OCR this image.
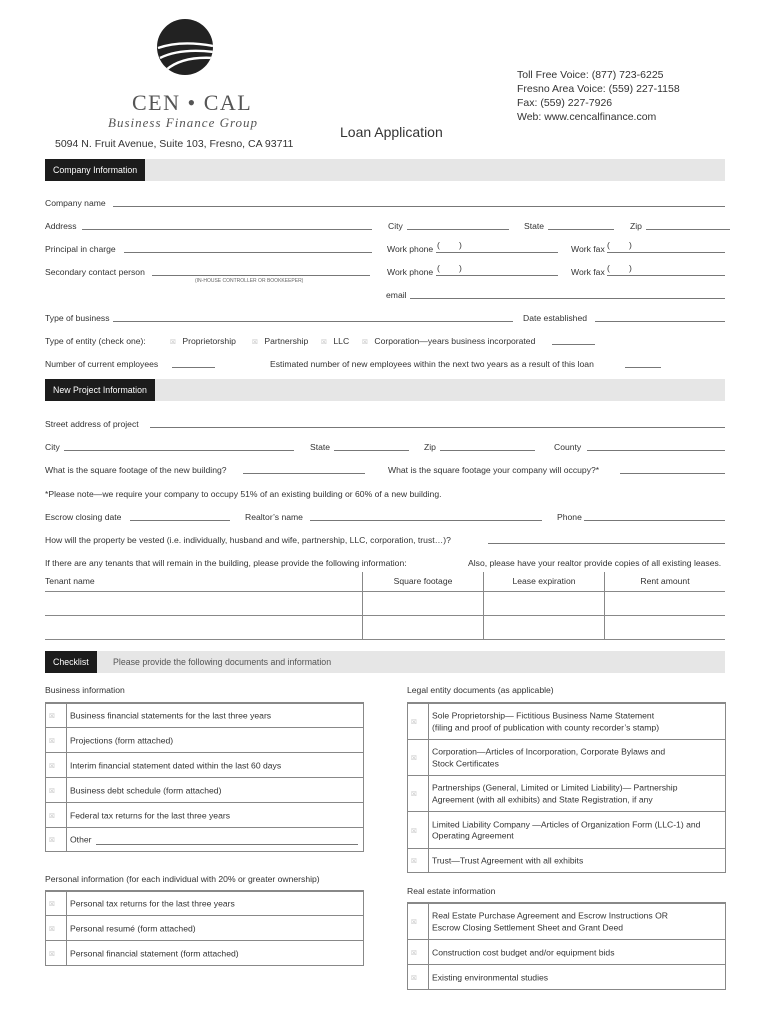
CEN • CAL
Business Finance Group
5094 N. Fruit Avenue, Suite 103, Fresno, CA 93711
Loan Application
Toll Free Voice: (877) 723-6225
Fresno Area Voice: (559) 227-1158
Fax: (559) 227-7926
Web: www.cencalfinance.com
Company Information
Company name
Address	City	State	Zip
Principal in charge	Work phone ( )	Work fax ( )
Secondary contact person
(IN-HOUSE CONTROLLER OR BOOKKEEPER)
Work phone ( )	Work fax ( )
email
Type of business	Date established
Type of entity (check one):	☒ Proprietorship ☒ Partnership ☒ LLC ☒ Corporation—years business incorporated
Number of current employees	Estimated number of new employees within the next two years as a result of this loan
New Project Information
Street address of project
City	State	Zip	County
What is the square footage of the new building?	What is the square footage your company will occupy?*
*Please note—we require your company to occupy 51% of an existing building or 60% of a new building.
Escrow closing date	Realtor’s name	Phone
How will the property be vested (i.e. individually, husband and wife, partnership, LLC, corporation, trust…)?
If there are any tenants that will remain in the building, please provide the following information:	Also, please have your realtor provide copies of all existing leases.
Tenant name	Square footage	Lease expiration	Rent amount

Checklist	Please provide the following documents and information
Business information
☒ Business financial statements for the last three years
☒ Projections (form attached)
☒ Interim financial statement dated within the last 60 days
☒ Business debt schedule (form attached)
☒ Federal tax returns for the last three years
☒ Other
Legal entity documents (as applicable)
☒
Sole Proprietorship— Fictitious Business Name Statement
(filing and proof of publication with county recorder’s stamp)
☒
Corporation—Articles of Incorporation, Corporate Bylaws and
Stock Certificates
☒
Partnerships (General, Limited or Limited Liability)— Partnership
Agreement (with all exhibits) and State Registration, if any
☒
Limited Liability Company —Articles of Organization Form (LLC-1) and
Operating Agreement
☒ Trust—Trust Agreement with all exhibits
Personal information (for each individual with 20% or greater ownership)
☒ Personal tax returns for the last three years
☒ Personal resumé (form attached)
☒ Personal financial statement (form attached)
Real estate information
☒
Real Estate Purchase Agreement and Escrow Instructions OR
Escrow Closing Settlement Sheet and Grant Deed
☒ Construction cost budget and/or equipment bids
☒ Existing environmental studies
